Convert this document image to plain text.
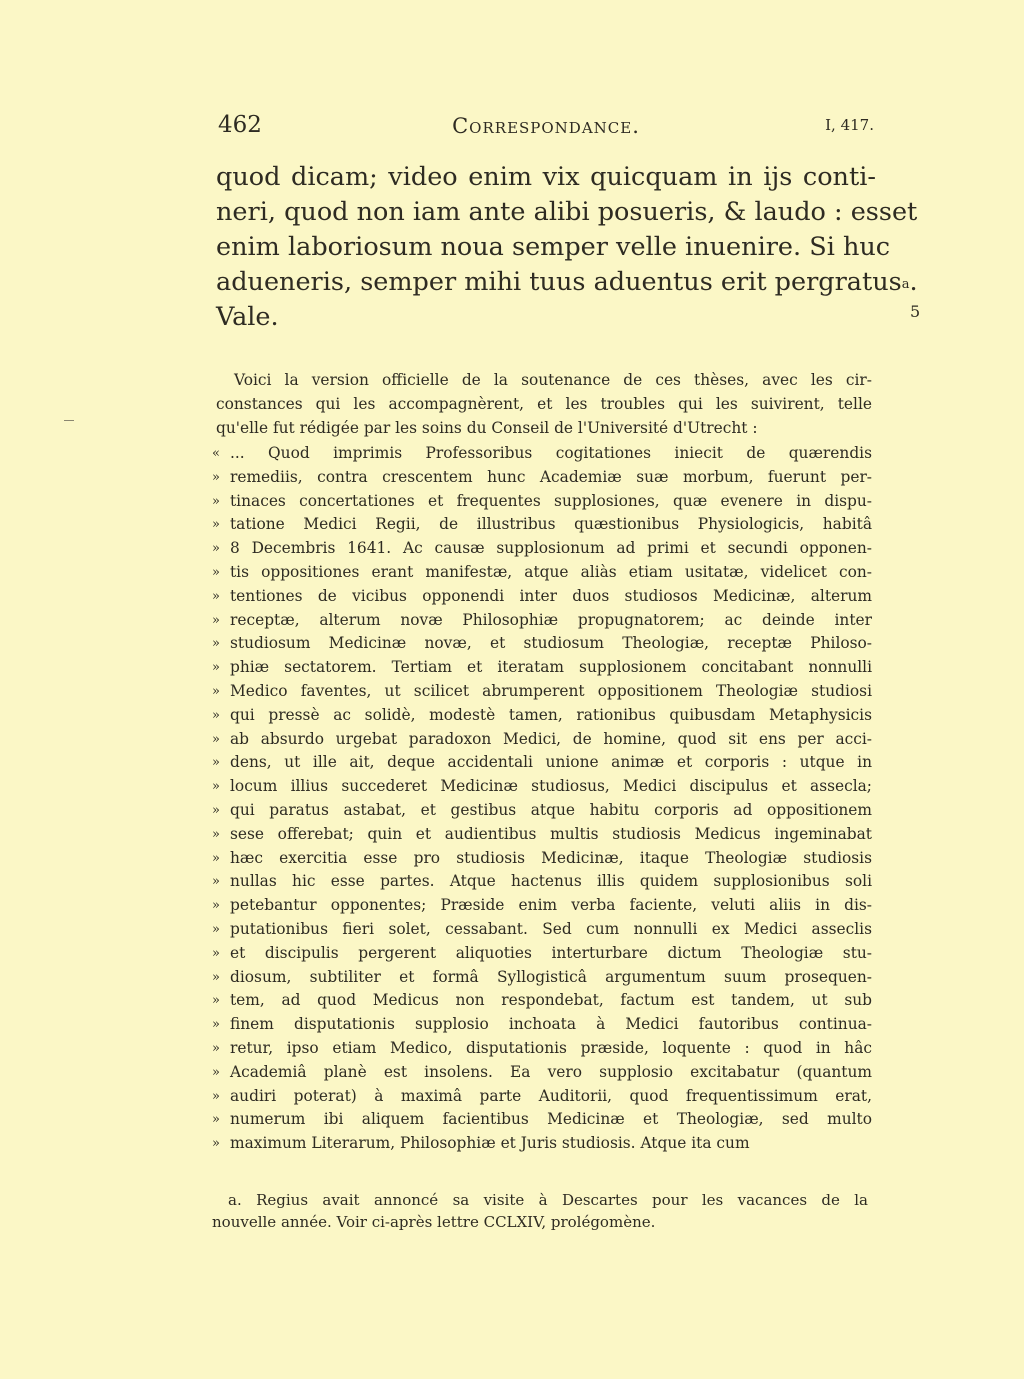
462	Correspondance.	I, 417.
quod dicam; video enim vix quicquam in ijs conti-
neri, quod non iam ante alibi posueris, & laudo : esset
enim laboriosum noua semper velle inuenire. Si huc
adueneris, semper mihi tuus aduentus erit pergratus$^a$.
Vale.	5
Voici la version officielle de la soutenance de ces thèses, avec les cir-
constances qui les accompagnèrent, et les troubles qui les suivirent, telle
qu'elle fut rédigée par les soins du Conseil de l'Université d'Utrecht :
« ... Quod imprimis Professoribus cogitationes iniecit de quærendis
» remediis, contra crescentem hunc Academiæ suæ morbum, fuerunt per-
» tinaces concertationes et frequentes supplosiones, quæ evenere in dispu-
» tatione Medici Regii, de illustribus quæstionibus Physiologicis, habitâ
» 8 Decembris 1641. Ac causæ supplosionum ad primi et secundi opponen-
» tis oppositiones erant manifestæ, atque aliàs etiam usitatæ, videlicet con-
» tentiones de vicibus opponendi inter duos studiosos Medicinæ, alterum
» receptæ, alterum novæ Philosophiæ propugnatorem; ac deinde inter
» studiosum Medicinæ novæ, et studiosum Theologiæ, receptæ Philoso-
» phiæ sectatorem. Tertiam et iteratam supplosionem concitabant nonnulli
» Medico faventes, ut scilicet abrumperent oppositionem Theologiæ studiosi
» qui pressè ac solidè, modestè tamen, rationibus quibusdam Metaphysicis
» ab absurdo urgebat paradoxon Medici, de homine, quod sit ens per acci-
» dens, ut ille ait, deque accidentali unione animæ et corporis : utque in
» locum illius succederet Medicinæ studiosus, Medici discipulus et assecla;
» qui paratus astabat, et gestibus atque habitu corporis ad oppositionem
» sese offerebat; quin et audientibus multis studiosis Medicus ingeminabat
» hæc exercitia esse pro studiosis Medicinæ, itaque Theologiæ studiosis
» nullas hic esse partes. Atque hactenus illis quidem supplosionibus soli
» petebantur opponentes; Præside enim verba faciente, veluti aliis in dis-
» putationibus fieri solet, cessabant. Sed cum nonnulli ex Medici asseclis
» et discipulis pergerent aliquoties interturbare dictum Theologiæ stu-
» diosum, subtiliter et formâ Syllogisticâ argumentum suum prosequen-
» tem, ad quod Medicus non respondebat, factum est tandem, ut sub
» finem disputationis supplosio inchoata à Medici fautoribus continua-
» retur, ipso etiam Medico, disputationis præside, loquente : quod in hâc
» Academiâ planè est insolens. Ea vero supplosio excitabatur (quantum
» audiri poterat) à maximâ parte Auditorii, quod frequentissimum erat,
» numerum ibi aliquem facientibus Medicinæ et Theologiæ, sed multo
» maximum Literarum, Philosophiæ et Juris studiosis. Atque ita cum
a. Regius avait annoncé sa visite à Descartes pour les vacances de la
nouvelle année. Voir ci-après lettre CCLXIV, prolégomène.
